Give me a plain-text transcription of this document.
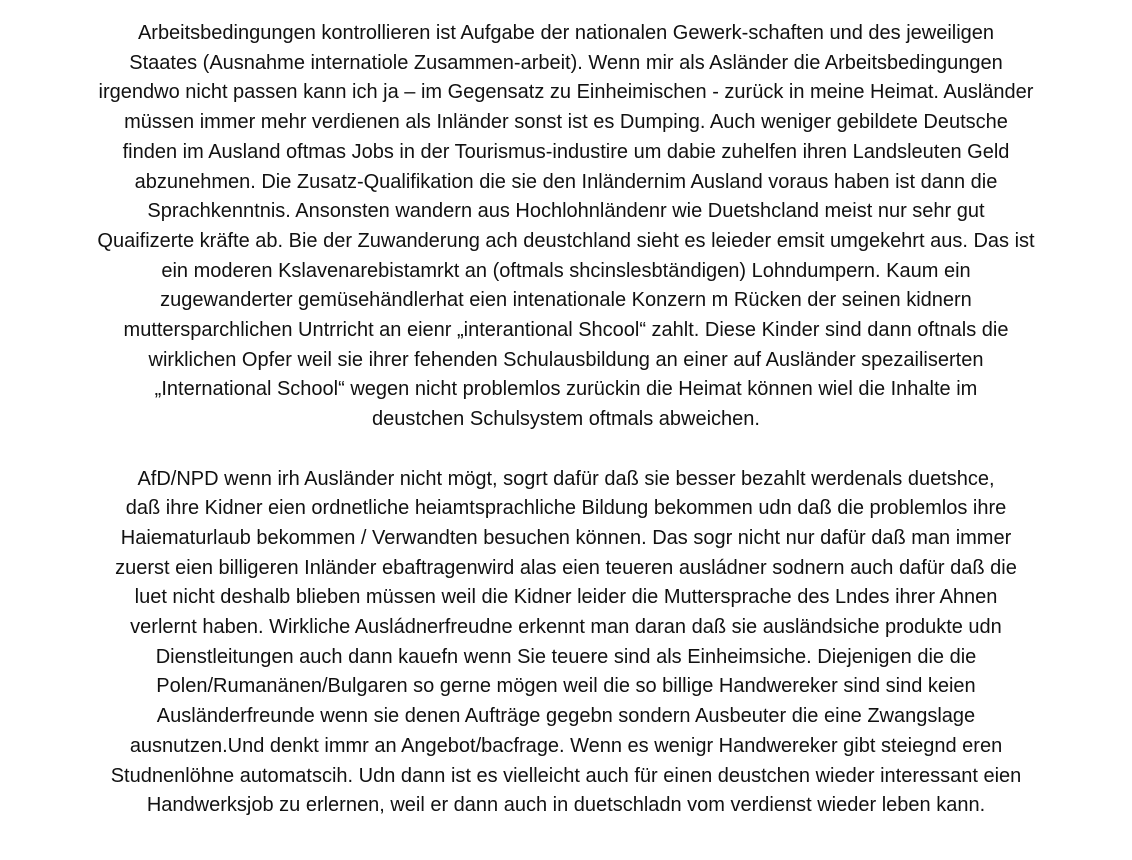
Arbeitsbedingungen kontrollieren ist Aufgabe der nationalen Gewerk-schaften und des jeweiligen
Staates (Ausnahme internatiole Zusammen-arbeit). Wenn mir als Asländer die Arbeitsbedingungen
irgendwo nicht passen kann ich ja – im Gegensatz zu Einheimischen - zurück in meine Heimat. Ausländer
müssen immer mehr verdienen als Inländer sonst ist es Dumping. Auch weniger gebildete Deutsche
finden im Ausland oftmas Jobs in der Tourismus-industire um dabie zuhelfen ihren Landsleuten Geld
abzunehmen. Die Zusatz-Qualifikation die sie den Inländernim Ausland voraus haben ist dann die
Sprachkenntnis. Ansonsten wandern aus Hochlohnländenr wie Duetshcland meist nur sehr gut
Quaifizerte kräfte ab. Bie der Zuwanderung ach deustchland sieht es leieder emsit umgekehrt aus. Das ist
ein moderen Kslavenarebistamrkt an (oftmals shcinslesbtändigen) Lohndumpern. Kaum ein
zugewanderter gemüsehändlerhat eien intenationale Konzern m Rücken der seinen kidnern
muttersparchlichen Untrricht an eienr „interantional Shcool“ zahlt. Diese Kinder sind dann oftnals die
wirklichen Opfer weil sie ihrer fehenden Schulausbildung an einer auf Ausländer spezailiserten
„International School“ wegen nicht problemlos zurückin die Heimat können wiel die Inhalte im
deustchen Schulsystem oftmals abweichen.
AfD/NPD wenn irh Ausländer nicht mögt, sogrt dafür daß sie besser bezahlt werdenals duetshce,
daß ihre Kidner eien ordnetliche heiamtsprachliche Bildung bekommen udn daß die problemlos ihre
Haiematurlaub bekommen / Verwandten besuchen können. Das sogr nicht nur dafür daß man immer
zuerst eien billigeren Inländer ebaftragenwird alas eien teueren ausládner sodnern auch dafür daß die
luet nicht deshalb blieben müssen weil die Kidner leider die Muttersprache des Lndes ihrer Ahnen
verlernt haben. Wirkliche Ausládnerfreudne erkennt man daran daß sie ausländsiche produkte udn
Dienstleitungen auch dann kauefn wenn Sie teuere sind als Einheimsiche. Diejenigen die die
Polen/Rumanänen/Bulgaren so gerne mögen weil die so billige Handwereker sind sind keien
Ausländerfreunde wenn sie denen Aufträge gegebn sondern Ausbeuter die eine Zwangslage
ausnutzen.Und denkt immr an Angebot/bacfrage. Wenn es wenigr Handwereker gibt steiegnd eren
Studnenlöhne automatscih. Udn dann ist es vielleicht auch für einen deustchen wieder interessant eien
Handwerksjob zu erlernen, weil er dann auch in duetschladn vom verdienst wieder leben kann.
